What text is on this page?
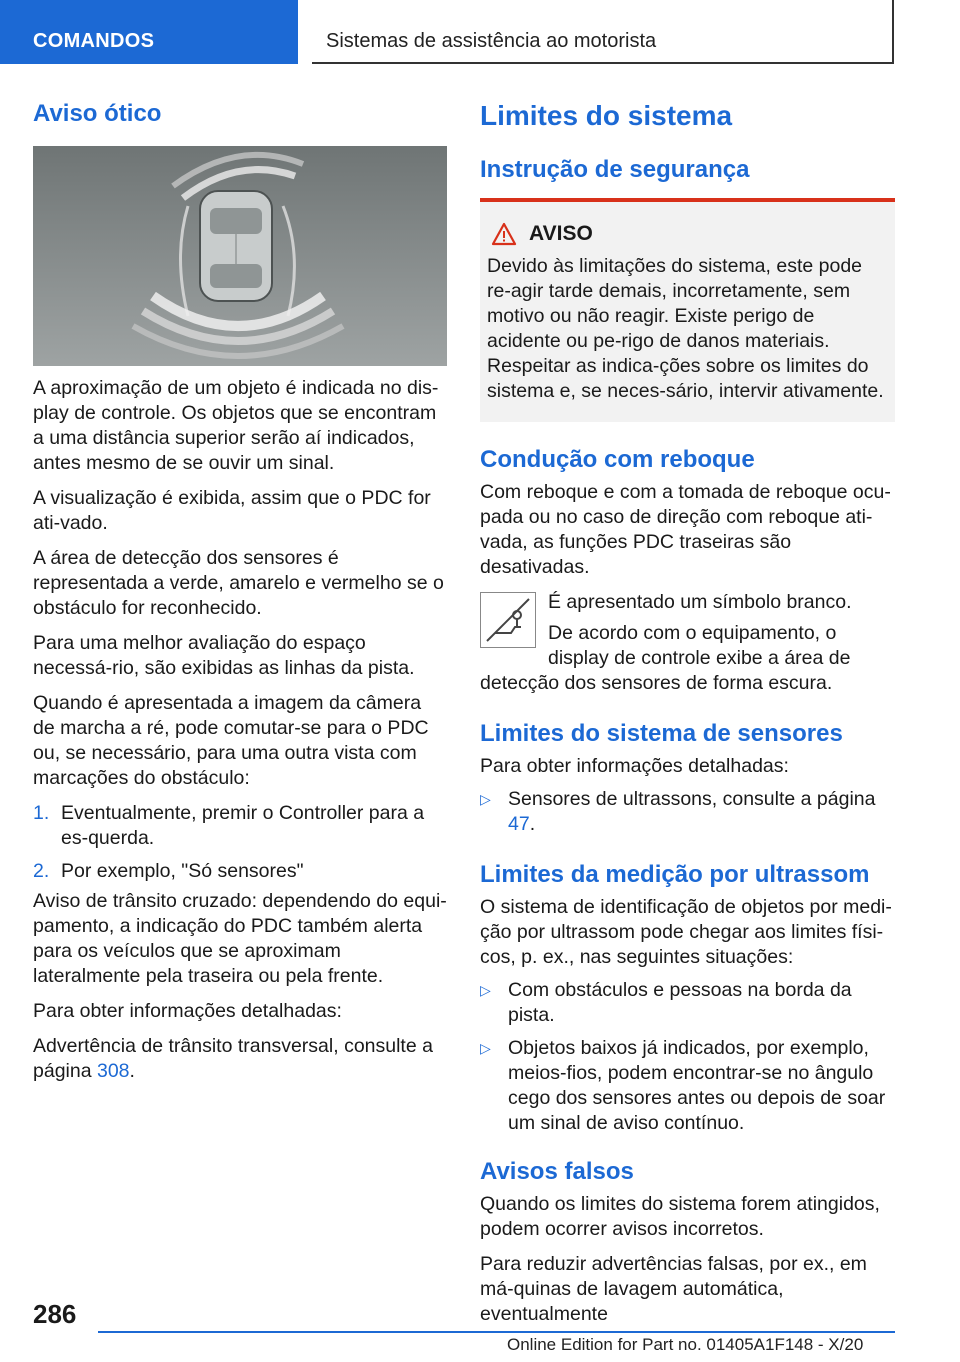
COMANDOS	Sistemas de assistência ao motorista
Aviso ótico

A aproximação de um objeto é indicada no dis-play de controle. Os objetos que se encontram a uma distância superior serão aí indicados, antes mesmo de se ouvir um sinal.

A visualização é exibida, assim que o PDC for ati-vado.

A área de detecção dos sensores é representada a verde, amarelo e vermelho se o obstáculo for reconhecido.

Para uma melhor avaliação do espaço necessá-rio, são exibidas as linhas da pista.

Quando é apresentada a imagem da câmera de marcha a ré, pode comutar-se para o PDC ou, se necessário, para uma outra vista com marcações do obstáculo:

1. Eventualmente, premir o Controller para a es-querda.
2. Por exemplo, "Só sensores"

Aviso de trânsito cruzado: dependendo do equi-pamento, a indicação do PDC também alerta para os veículos que se aproximam lateralmente pela traseira ou pela frente.

Para obter informações detalhadas:

Advertência de trânsito transversal, consulte a página 308.

Limites do sistema
Instrução de segurança
AVISO

Devido às limitações do sistema, este pode re-agir tarde demais, incorretamente, sem motivo ou não reagir. Existe perigo de acidente ou pe-rigo de danos materiais. Respeitar as indica-ções sobre os limites do sistema e, se neces-sário, intervir ativamente.

Condução com reboque

Com reboque e com a tomada de reboque ocu-pada ou no caso de direção com reboque ati-vada, as funções PDC traseiras são desativadas.

É apresentado um símbolo branco.

De acordo com o equipamento, o display de controle exibe a área de detecção dos sensores de forma escura.

Limites do sistema de sensores

Para obter informações detalhadas:

▷ Sensores de ultrassons, consulte a página 47.
Limites da medição por ultrassom

O sistema de identificação de objetos por medi-ção por ultrassom pode chegar aos limites físi-cos, p. ex., nas seguintes situações:

▷ Com obstáculos e pessoas na borda da pista.
▷ Objetos baixos já indicados, por exemplo, meios-fios, podem encontrar-se no ângulo cego dos sensores antes ou depois de soar um sinal de aviso contínuo.
Avisos falsos

Quando os limites do sistema forem atingidos, podem ocorrer avisos incorretos.

Para reduzir advertências falsas, por ex., em má-quinas de lavagem automática, eventualmente

286
Online Edition for Part no. 01405A1F148 - X/20
